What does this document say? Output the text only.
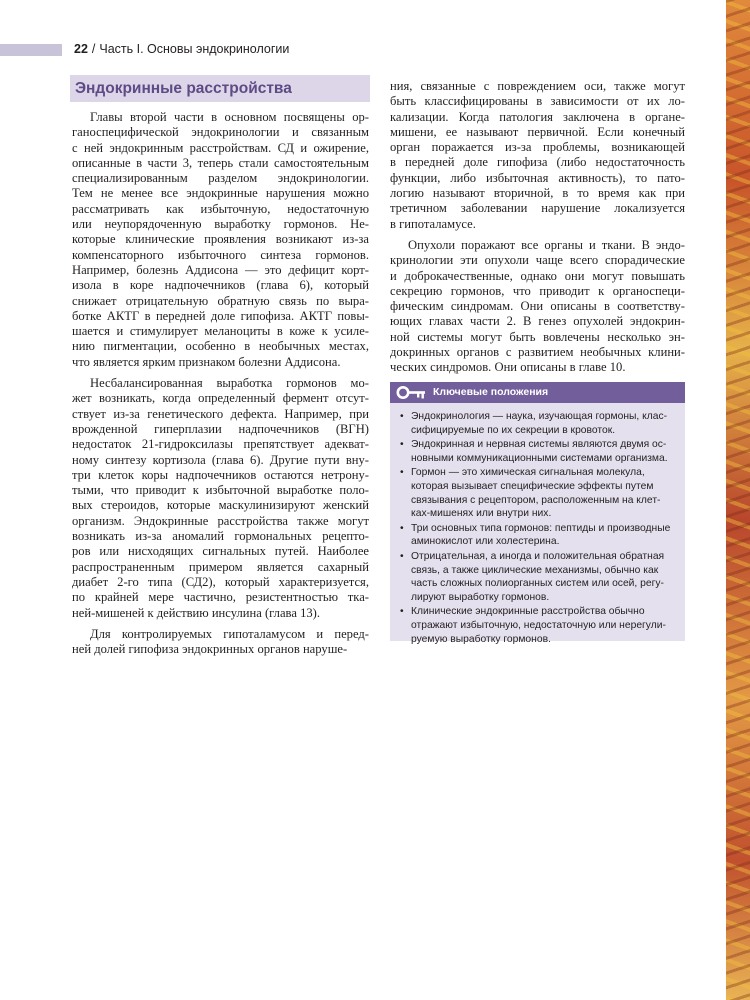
22 / Часть I. Основы эндокринологии
Эндокринные расстройства
Главы второй части в основном посвящены ор-
ганоспецифической эндокринологии и связанным
с ней эндокринным расстройствам. СД и ожирение,
описанные в части 3, теперь стали самостоятельным
специализированным разделом эндокринологии.
Тем не менее все эндокринные нарушения можно
рассматривать как избыточную, недостаточную
или неупорядоченную выработку гормонов. Не-
которые клинические проявления возникают из-за
компенсаторного избыточного синтеза гормонов.
Например, болезнь Аддисона — это дефицит корт-
изола в коре надпочечников (глава 6), который
снижает отрицательную обратную связь по выра-
ботке АКТГ в передней доле гипофиза. АКТГ повы-
шается и стимулирует меланоциты в коже к усиле-
нию пигментации, особенно в необычных местах,
что является ярким признаком болезни Аддисона.
Несбалансированная выработка гормонов мо-
жет возникать, когда определенный фермент отсут-
ствует из-за генетического дефекта. Например, при
врожденной гиперплазии надпочечников (ВГН)
недостаток 21-гидроксилазы препятствует адекват-
ному синтезу кортизола (глава 6). Другие пути вну-
три клеток коры надпочечников остаются нетрону-
тыми, что приводит к избыточной выработке поло-
вых стероидов, которые маскулинизируют женский
организм. Эндокринные расстройства также могут
возникать из-за аномалий гормональных рецепто-
ров или нисходящих сигнальных путей. Наиболее
распространенным примером является сахарный
диабет 2-го типа (СД2), который характеризуется,
по крайней мере частично, резистентностью тка-
ней-мишеней к действию инсулина (глава 13).
Для контролируемых гипоталамусом и перед-
ней долей гипофиза эндокринных органов наруше-
ния, связанные с повреждением оси, также могут
быть классифицированы в зависимости от их ло-
кализации. Когда патология заключена в органе-
мишени, ее называют первичной. Если конечный
орган поражается из-за проблемы, возникающей
в передней доле гипофиза (либо недостаточность
функции, либо избыточная активность), то пато-
логию называют вторичной, в то время как при
третичном заболевании нарушение локализуется
в гипоталамусе.
Опухоли поражают все органы и ткани. В эндо-
кринологии эти опухоли чаще всего спорадические
и доброкачественные, однако они могут повышать
секрецию гормонов, что приводит к органоспеци-
фическим синдромам. Они описаны в соответству-
ющих главах части 2. В генез опухолей эндокрин-
ной системы могут быть вовлечены несколько эн-
докринных органов с развитием необычных клини-
ческих синдромов. Они описаны в главе 10.
Ключевые положения
• Эндокринология — наука, изучающая гормоны, клас-
сифицируемые по их секреции в кровоток.
• Эндокринная и нервная системы являются двумя ос-
новными коммуникационными системами организма.
• Гормон — это химическая сигнальная молекула,
которая вызывает специфические эффекты путем
связывания с рецептором, расположенным на клет-
ках-мишенях или внутри них.
• Три основных типа гормонов: пептиды и производные
аминокислот или холестерина.
• Отрицательная, а иногда и положительная обратная
связь, а также циклические механизмы, обычно как
часть сложных полиорганных систем или осей, регу-
лируют выработку гормонов.
• Клинические эндокринные расстройства обычно
отражают избыточную, недостаточную или нерегули-
руемую выработку гормонов.
